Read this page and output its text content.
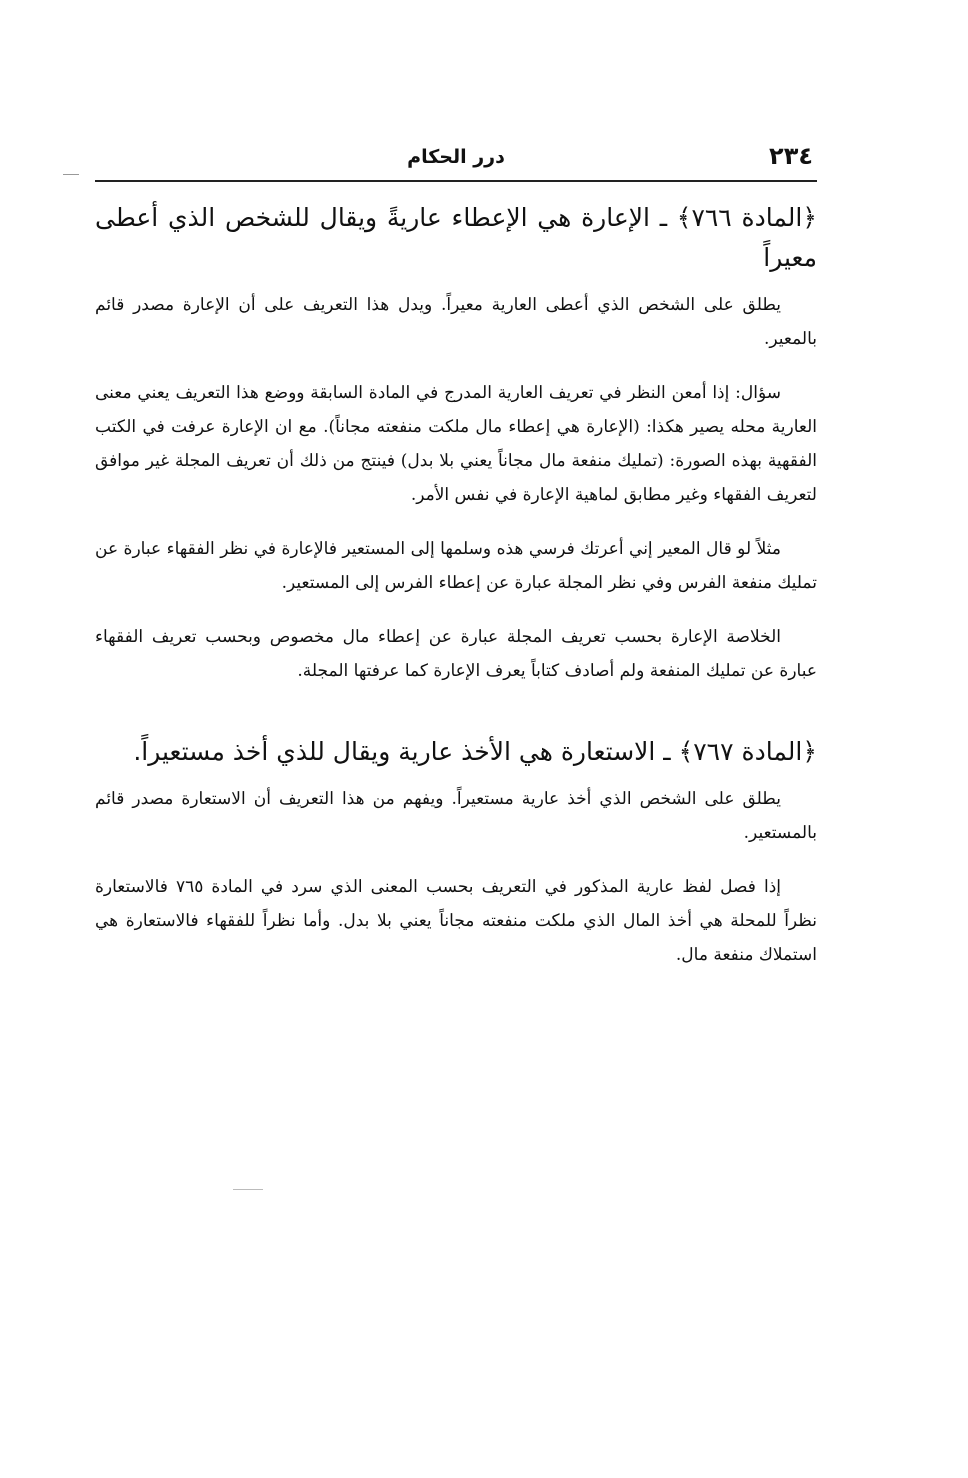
٢٣٤
درر الحكام
﴿المادة ٧٦٦﴾ ـ الإعارة هي الإعطاء عاريةً ويقال للشخص الذي أعطى معيراً

يطلق على الشخص الذي أعطى العارية معيراً. ويدل هذا التعريف على أن الإعارة مصدر قائم بالمعير.

سؤال: إذا أمعن النظر في تعريف العارية المدرج في المادة السابقة ووضع هذا التعريف يعني معنى العارية محله يصير هكذا: (الإعارة هي إعطاء مال ملكت منفعته مجاناً). مع ان الإعارة عرفت في الكتب الفقهية بهذه الصورة: (تمليك منفعة مال مجاناً يعني بلا بدل) فينتج من ذلك أن تعريف المجلة غير موافق لتعريف الفقهاء وغير مطابق لماهية الإعارة في نفس الأمر.

مثلاً لو قال المعير إني أعرتك فرسي هذه وسلمها إلى المستعير فالإعارة في نظر الفقهاء عبارة عن تمليك منفعة الفرس وفي نظر المجلة عبارة عن إعطاء الفرس إلى المستعير.

الخلاصة الإعارة بحسب تعريف المجلة عبارة عن إعطاء مال مخصوص وبحسب تعريف الفقهاء عبارة عن تمليك المنفعة ولم أصادف كتاباً يعرف الإعارة كما عرفتها المجلة.

﴿المادة ٧٦٧﴾ ـ الاستعارة هي الأخذ عارية ويقال للذي أخذ مستعيراً.

يطلق على الشخص الذي أخذ عارية مستعيراً. ويفهم من هذا التعريف أن الاستعارة مصدر قائم بالمستعير.

إذا فصل لفظ عارية المذكور في التعريف بحسب المعنى الذي سرد في المادة ٧٦٥ فالاستعارة نظراً للمحلة هي أخذ المال الذي ملكت منفعته مجاناً يعني بلا بدل. وأما نظراً للفقهاء فالاستعارة هي استملاك منفعة مال.
